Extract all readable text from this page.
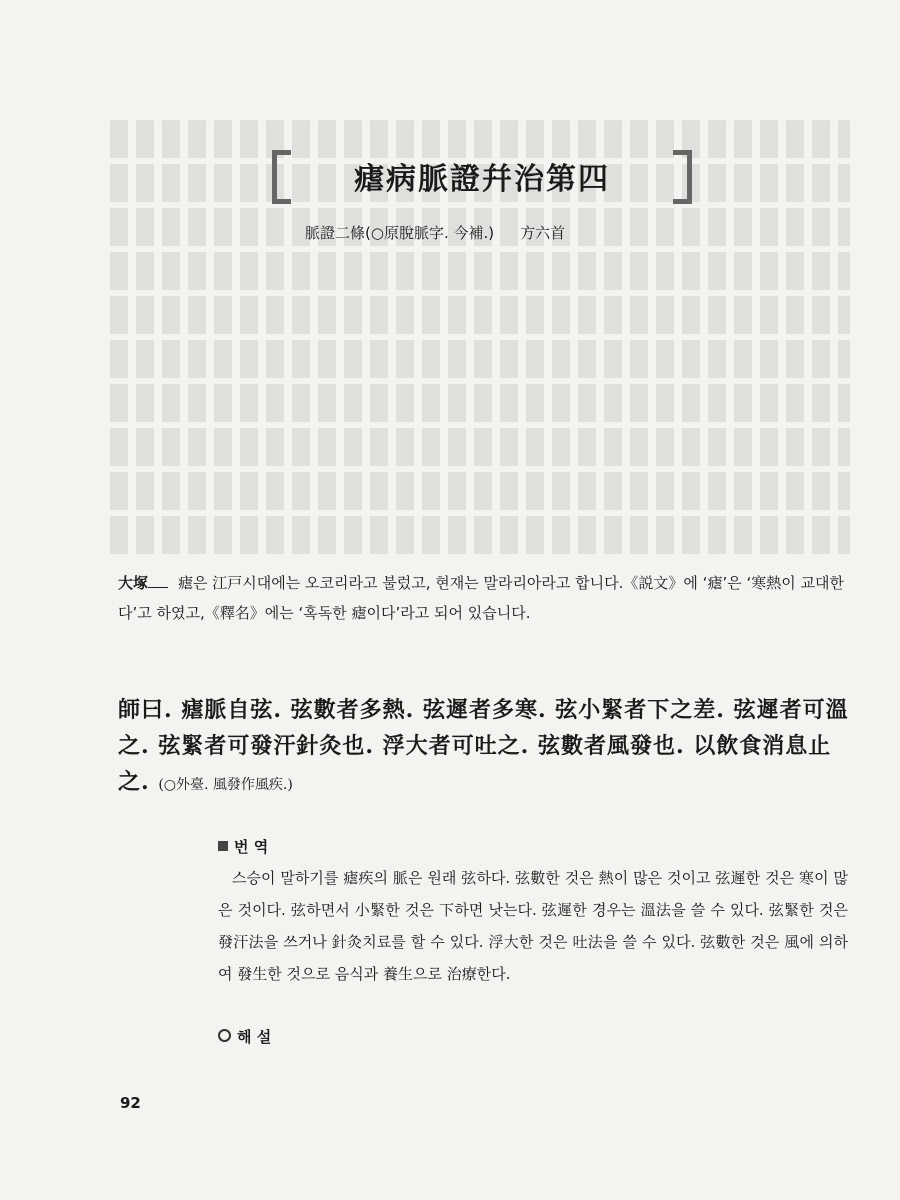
瘧病脈證幷治第四
脈證二條(○原脫脈字. 今補.) 方六首
大塚 瘧은 江戸시대에는 오코리라고 불렀고, 현재는 말라리아라고 합니다.《説文》에 ‘瘧’은 ‘寒熱이 교대한다’고 하였고,《釋名》에는 ‘혹독한 瘧이다’라고 되어 있습니다.
師曰. 瘧脈自弦. 弦數者多熱. 弦遲者多寒. 弦小緊者下之差. 弦遲者可溫之. 弦緊者可發汗針灸也. 浮大者可吐之. 弦數者風發也. 以飲食消息止之. (○外臺. 風發作風疾.)
번 역
스승이 말하기를 瘧疾의 脈은 원래 弦하다. 弦數한 것은 熱이 많은 것이고 弦遲한 것은 寒이 많은 것이다. 弦하면서 小緊한 것은 下하면 낫는다. 弦遲한 경우는 溫法을 쓸 수 있다. 弦緊한 것은 發汗法을 쓰거나 針灸치료를 할 수 있다. 浮大한 것은 吐法을 쓸 수 있다. 弦數한 것은 風에 의하여 發生한 것으로 음식과 養生으로 治療한다.
해 설
92
